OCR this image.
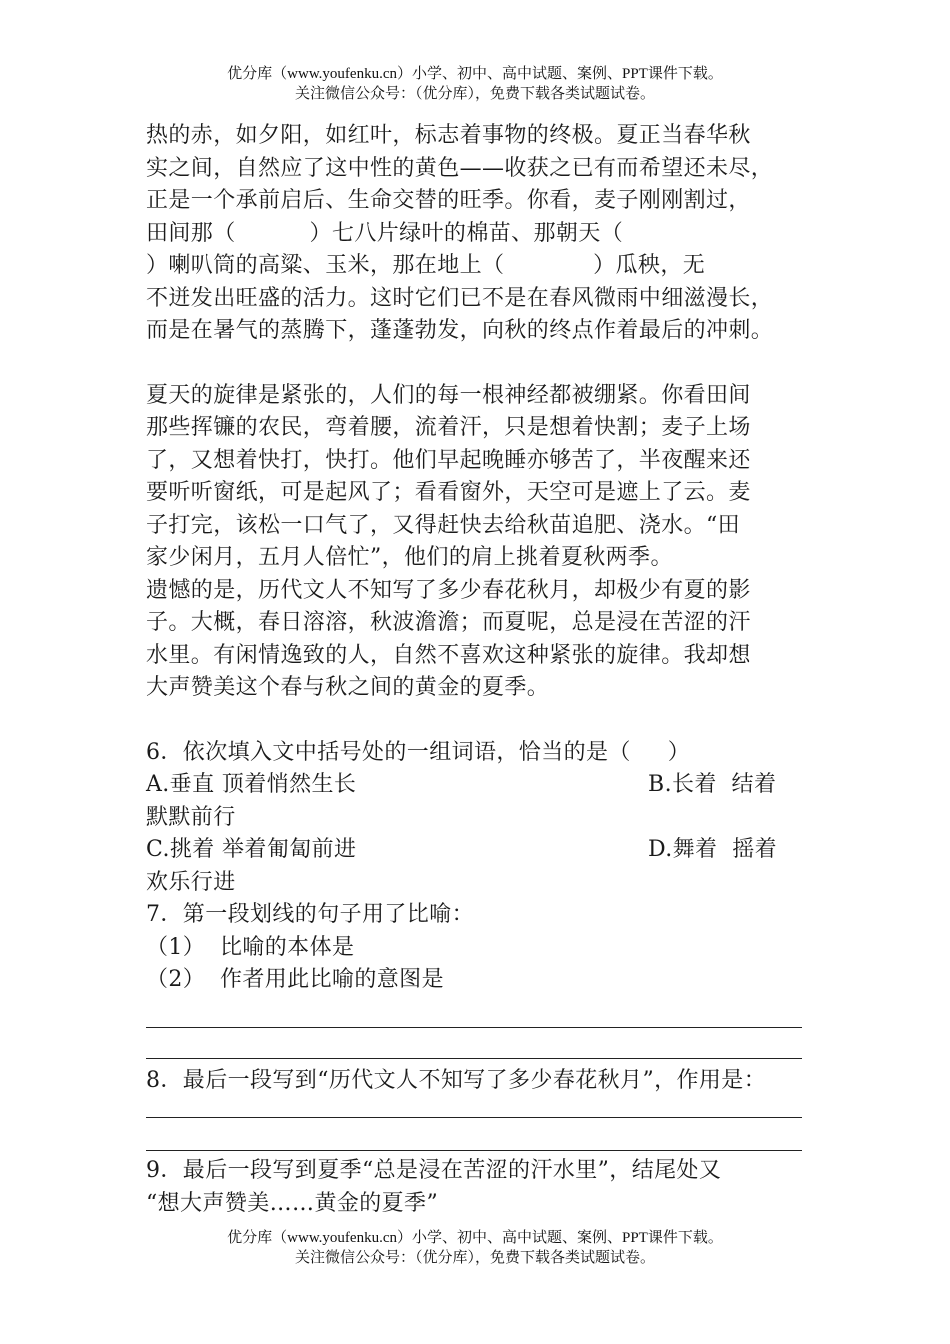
优分库（www.youfenku.cn）小学、初中、高中试题、案例、PPT课件下载。
关注微信公众号：（优分库），免费下载各类试题试卷。

热的赤，如夕阳，如红叶，标志着事物的终极。夏正当春华秋

实之间，自然应了这中性的黄色——收获之已有而希望还未尽，

正是一个承前启后、生命交替的旺季。你看，麦子刚刚割过，

田间那（          ）七八片绿叶的棉苗、那朝天（

）喇叭筒的高粱、玉米，那在地上（            ）瓜秧，无

不迸发出旺盛的活力。这时它们已不是在春风微雨中细滋漫长，

而是在暑气的蒸腾下，蓬蓬勃发，向秋的终点作着最后的冲刺。

夏天的旋律是紧张的，人们的每一根神经都被绷紧。你看田间

那些挥镰的农民，弯着腰，流着汗，只是想着快割；麦子上场

了，又想着快打，快打。他们早起晚睡亦够苦了，半夜醒来还

要听听窗纸，可是起风了；看看窗外，天空可是遮上了云。麦

子打完，该松一口气了，又得赶快去给秋苗追肥、浇水。“田

家少闲月，五月人倍忙”，他们的肩上挑着夏秋两季。

遗憾的是，历代文人不知写了多少春花秋月，却极少有夏的影

子。大概，春日溶溶，秋波澹澹；而夏呢，总是浸在苦涩的汗

水里。有闲情逸致的人，自然不喜欢这种紧张的旋律。我却想

大声赞美这个春与秋之间的黄金的夏季。

6．依次填入文中括号处的一组词语，恰当的是（     ）

A.垂直 顶着悄然生长	B.长着  结着

默默前行

C.挑着 举着匍匐前进	D.舞着  摇着

欢乐行进

7．第一段划线的句子用了比喻：

（1）  比喻的本体是

（2）  作者用此比喻的意图是

8．最后一段写到“历代文人不知写了多少春花秋月”，作用是：

9．最后一段写到夏季“总是浸在苦涩的汗水里”，结尾处又

“想大声赞美……黄金的夏季”

优分库（www.youfenku.cn）小学、初中、高中试题、案例、PPT课件下载。
关注微信公众号：（优分库），免费下载各类试题试卷。
